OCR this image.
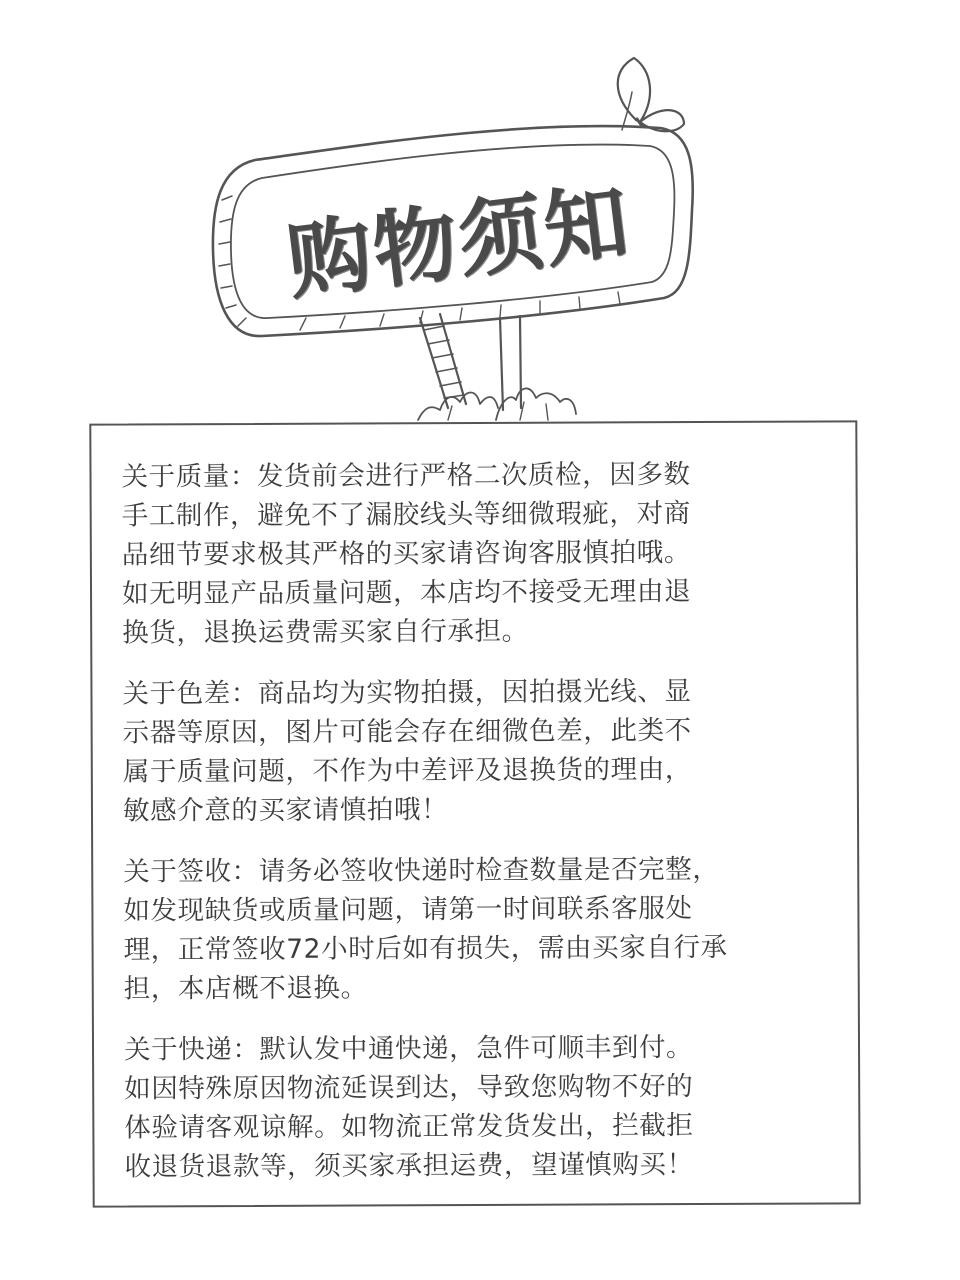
购物须知

关于质量：发货前会进行严格二次质检，因多数

手工制作，避免不了漏胶线头等细微瑕疵，对商

品细节要求极其严格的买家请咨询客服慎拍哦。

如无明显产品质量问题，本店均不接受无理由退

换货，退换运费需买家自行承担。

关于色差：商品均为实物拍摄，因拍摄光线、显

示器等原因，图片可能会存在细微色差，此类不

属于质量问题，不作为中差评及退换货的理由，

敏感介意的买家请慎拍哦！

关于签收：请务必签收快递时检查数量是否完整，

如发现缺货或质量问题，请第一时间联系客服处

理，正常签收72小时后如有损失，需由买家自行承

担，本店概不退换。

关于快递：默认发中通快递，急件可顺丰到付。

如因特殊原因物流延误到达，导致您购物不好的

体验请客观谅解。如物流正常发货发出，拦截拒

收退货退款等，须买家承担运费，望谨慎购买！
